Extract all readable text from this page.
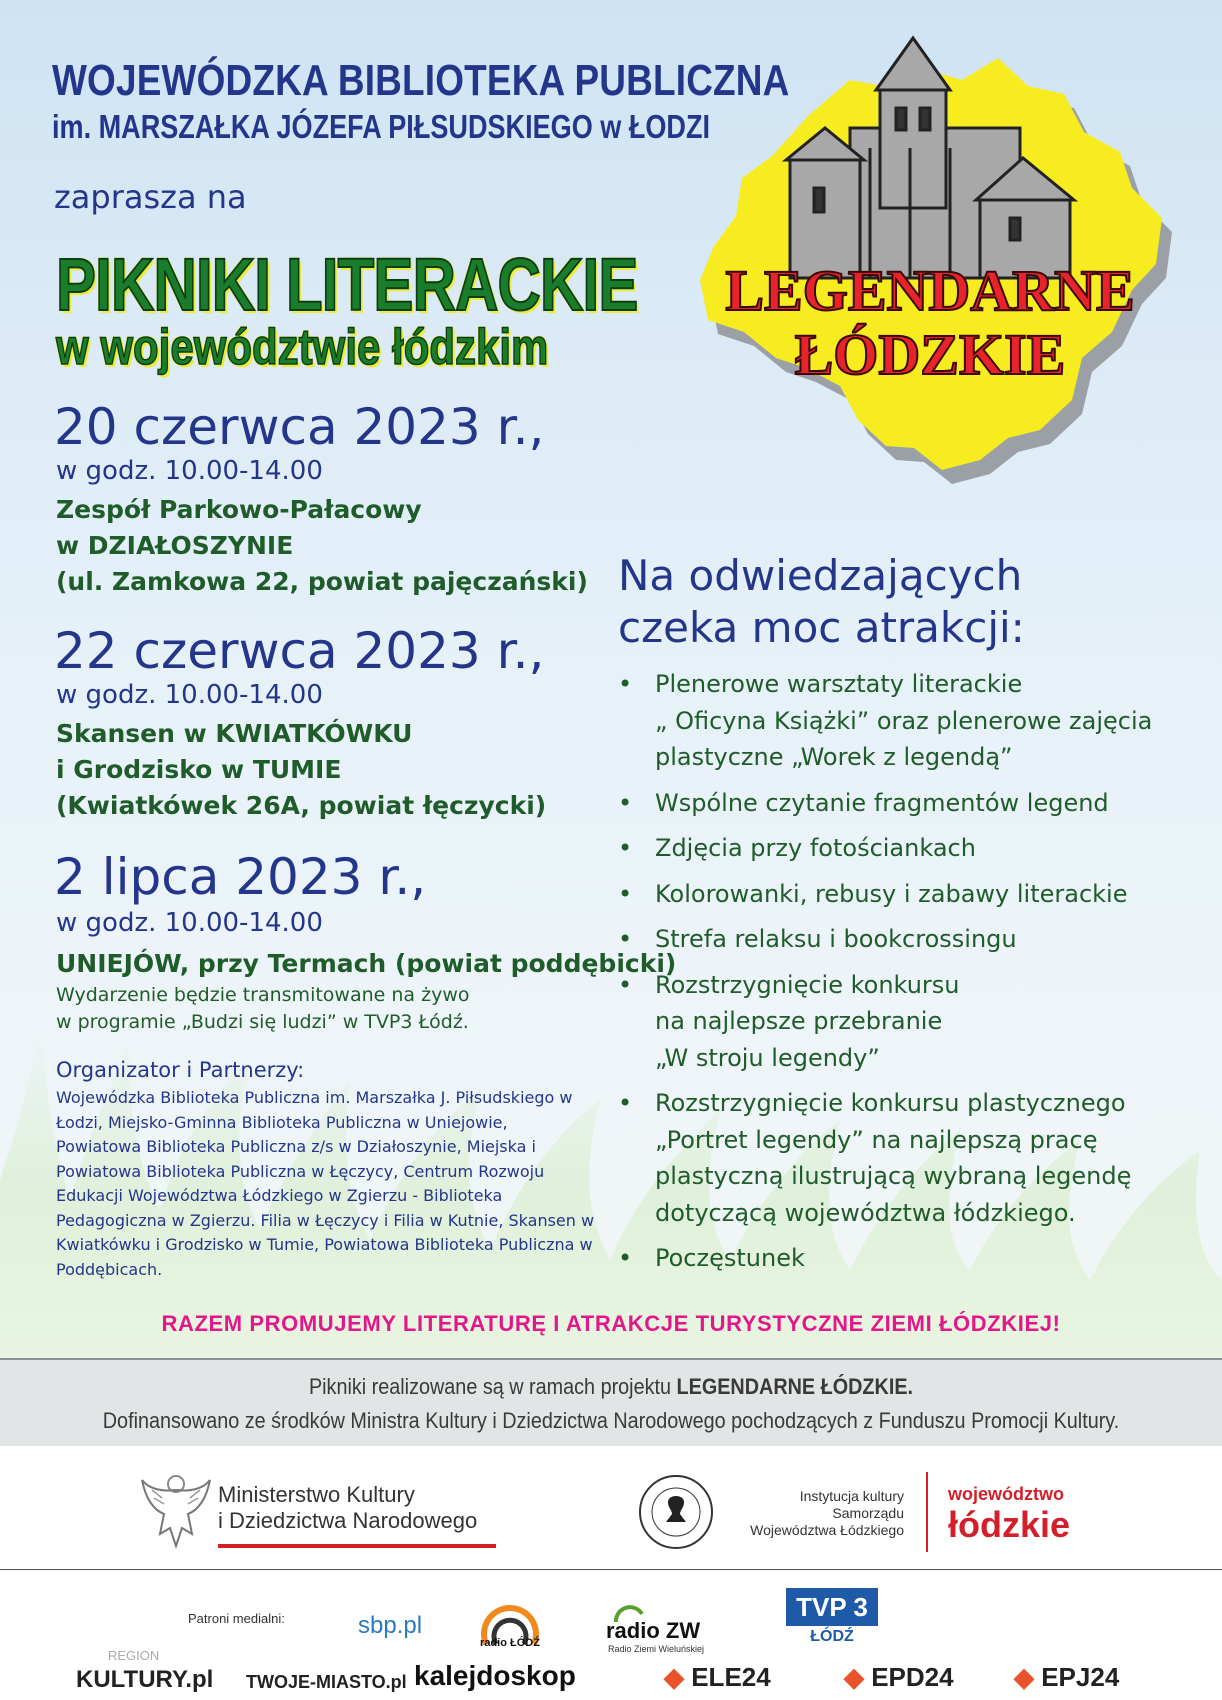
WOJEWÓDZKA BIBLIOTEKA PUBLICZNA
im. MARSZAŁKA JÓZEFA PIŁSUDSKIEGO w ŁODZI
zaprasza na
PIKNIKI LITERACKIE
w województwie łódzkim
LEGENDARNE
ŁÓDZKIE
20 czerwca 2023 r.,
w godz. 10.00-14.00
Zespół Parkowo-Pałacowy
w DZIAŁOSZYNIE
(ul. Zamkowa 22, powiat pajęczański)
22 czerwca 2023 r.,
w godz. 10.00-14.00
Skansen w KWIATKÓWKU
i Grodzisko w TUMIE
(Kwiatkówek 26A, powiat łęczycki)
2 lipca 2023 r.,
w godz. 10.00-14.00
UNIEJÓW, przy Termach (powiat poddębicki)
Wydarzenie będzie transmitowane na żywo
w programie „Budzi się ludzi” w TVP3 Łódź.
Organizator i Partnerzy:
Wojewódzka Biblioteka Publiczna im. Marszałka J. Piłsudskiego w Łodzi, Miejsko-Gminna Biblioteka Publiczna w Uniejowie, Powiatowa Biblioteka Publiczna z/s w Działoszynie, Miejska i Powiatowa Biblioteka Publiczna w Łęczycy, Centrum Rozwoju Edukacji Województwa Łódzkiego w Zgierzu - Biblioteka Pedagogiczna w Zgierzu. Filia w Łęczycy i Filia w Kutnie, Skansen w Kwiatkówku i Grodzisko w Tumie, Powiatowa Biblioteka Publiczna w Poddębicach.
Na odwiedzających
czeka moc atrakcji:
• Plenerowe warsztaty literackie
„ Oficyna Książki” oraz plenerowe zajęcia
plastyczne „Worek z legendą”
• Wspólne czytanie fragmentów legend
• Zdjęcia przy fotościankach
• Kolorowanki, rebusy i zabawy literackie
• Strefa relaksu i bookcrossingu
• Rozstrzygnięcie konkursu
na najlepsze przebranie
„W stroju legendy”
• Rozstrzygnięcie konkursu plastycznego
„Portret legendy” na najlepszą pracę
plastyczną ilustrującą wybraną legendę
dotyczącą województwa łódzkiego.
• Poczęstunek
RAZEM PROMUJEMY LITERATURĘ I ATRAKCJE TURYSTYCZNE ZIEMI ŁÓDZKIEJ!

Pikniki realizowane są w ramach projektu LEGENDARNE ŁÓDZKIE.

Dofinansowano ze środków Ministra Kultury i Dziedzictwa Narodowego pochodzących z Funduszu Promocji Kultury.

Ministerstwo Kultury
i Dziedzictwa Narodowego
Instytucja kultury
Samorządu
Województwa Łódzkiego
województwo
łódzkie
Patroni medialni:	sbp.pl
radio ŁÓDŹ	radio ZW
Radio Ziemi Wieluńskiej
TVP 3
ŁÓDŹ
REGION
KULTURY.pl TWOJE-MIASTO.pl kalejdoskop	◆ ELE24	◆ EPD24 ◆ EPJ24
